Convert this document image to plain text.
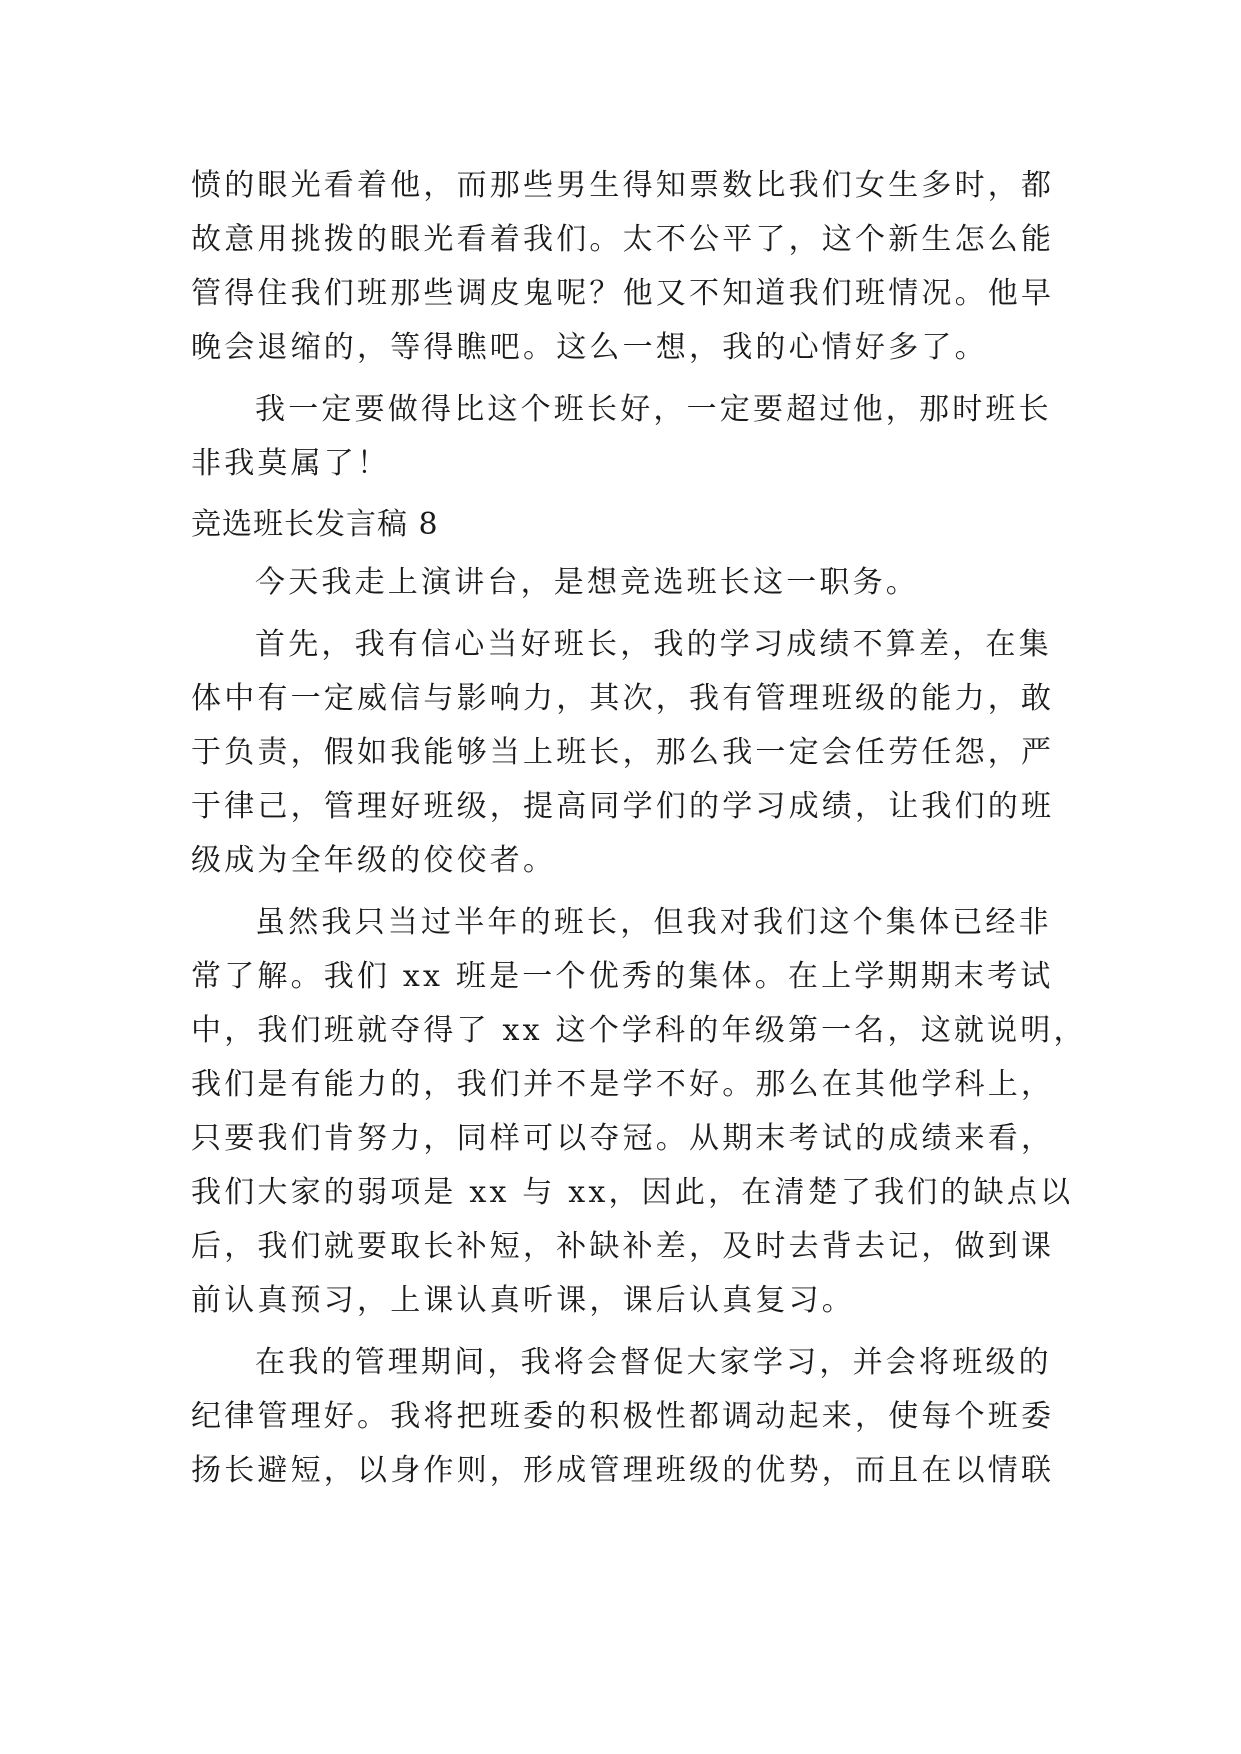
愤的眼光看着他，而那些男生得知票数比我们女生多时，都
故意用挑拨的眼光看着我们。太不公平了，这个新生怎么能
管得住我们班那些调皮鬼呢？他又不知道我们班情况。他早
晚会退缩的，等得瞧吧。这么一想，我的心情好多了。
我一定要做得比这个班长好，一定要超过他，那时班长
非我莫属了！
竞选班长发言稿 8
今天我走上演讲台，是想竞选班长这一职务。
首先，我有信心当好班长，我的学习成绩不算差，在集
体中有一定威信与影响力，其次，我有管理班级的能力，敢
于负责，假如我能够当上班长，那么我一定会任劳任怨，严
于律己，管理好班级，提高同学们的学习成绩，让我们的班
级成为全年级的佼佼者。
虽然我只当过半年的班长，但我对我们这个集体已经非
常了解。我们 xx 班是一个优秀的集体。在上学期期末考试
中，我们班就夺得了 xx 这个学科的年级第一名，这就说明，
我们是有能力的，我们并不是学不好。那么在其他学科上，
只要我们肯努力，同样可以夺冠。从期末考试的成绩来看，
我们大家的弱项是 xx 与 xx，因此，在清楚了我们的缺点以
后，我们就要取长补短，补缺补差，及时去背去记，做到课
前认真预习，上课认真听课，课后认真复习。
在我的管理期间，我将会督促大家学习，并会将班级的
纪律管理好。我将把班委的积极性都调动起来，使每个班委
扬长避短，以身作则，形成管理班级的优势，而且在以情联
